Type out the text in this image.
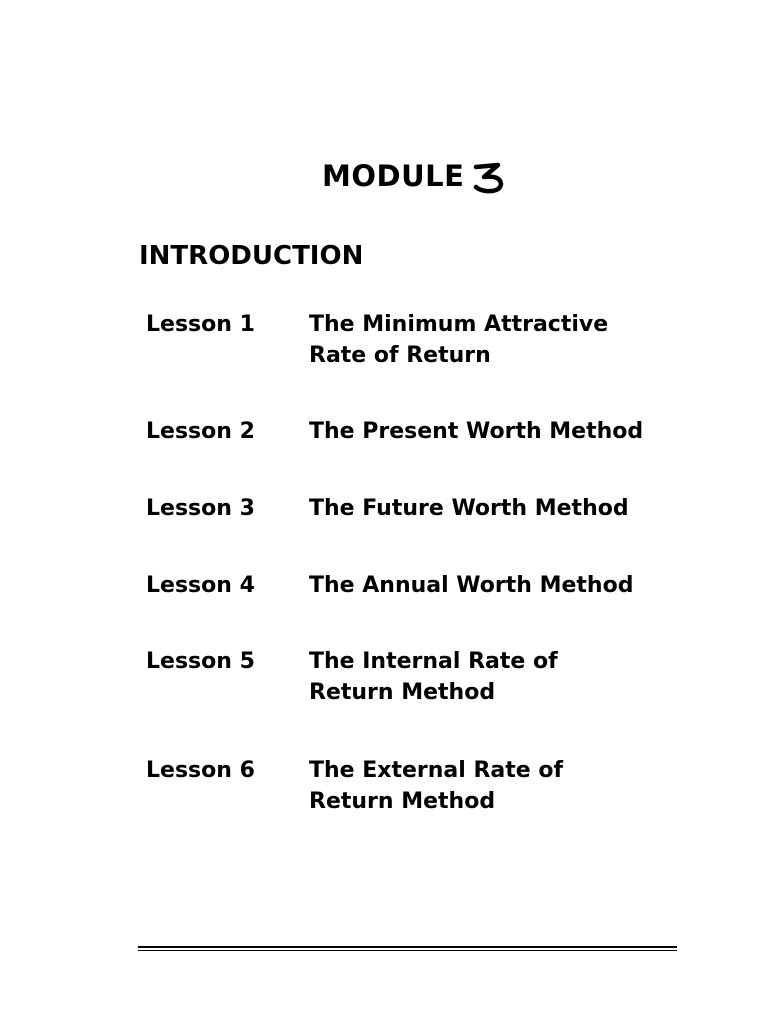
MODULE
INTRODUCTION
Lesson 1 The Minimum Attractive
Rate of Return
Lesson 2 The Present Worth Method
Lesson 3 The Future Worth Method
Lesson 4 The Annual Worth Method
Lesson 5 The Internal Rate of
Return Method
Lesson 6 The External Rate of
Return Method
